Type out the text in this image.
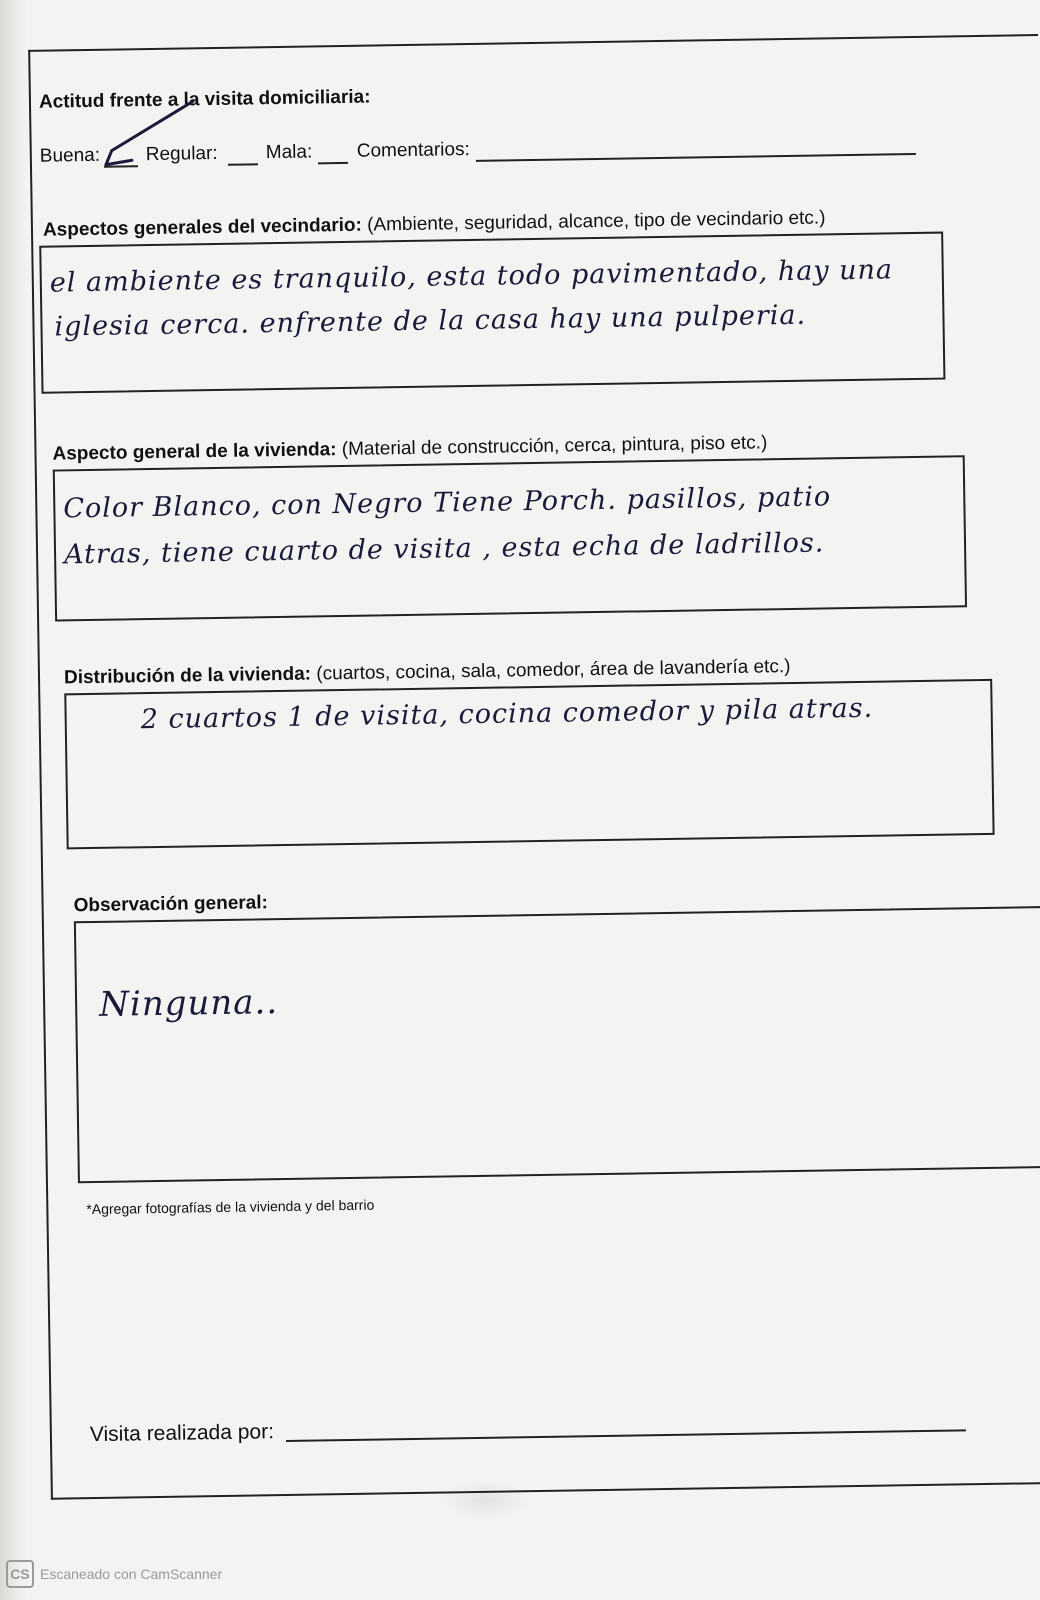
Actitud frente a la visita domiciliaria:
Buena: Regular:	Mala: Comentarios:
Aspectos generales del vecindario: (Ambiente, seguridad, alcance, tipo de vecindario etc.)
el ambiente es tranquilo, esta todo pavimentado, hay una
iglesia cerca. enfrente de la casa hay una pulperia.
Aspecto general de la vivienda: (Material de construcción, cerca, pintura, piso etc.)
Color Blanco, con Negro Tiene Porch. pasillos, patio
Atras, tiene cuarto de visita , esta echa de ladrillos.
Distribución de la vivienda: (cuartos, cocina, sala, comedor, área de lavandería etc.)
2 cuartos 1 de visita, cocina comedor y pila atras.
Observación general:
Ninguna..
*Agregar fotografías de la vivienda y del barrio
Visita realizada por:
CS Escaneado con CamScanner
